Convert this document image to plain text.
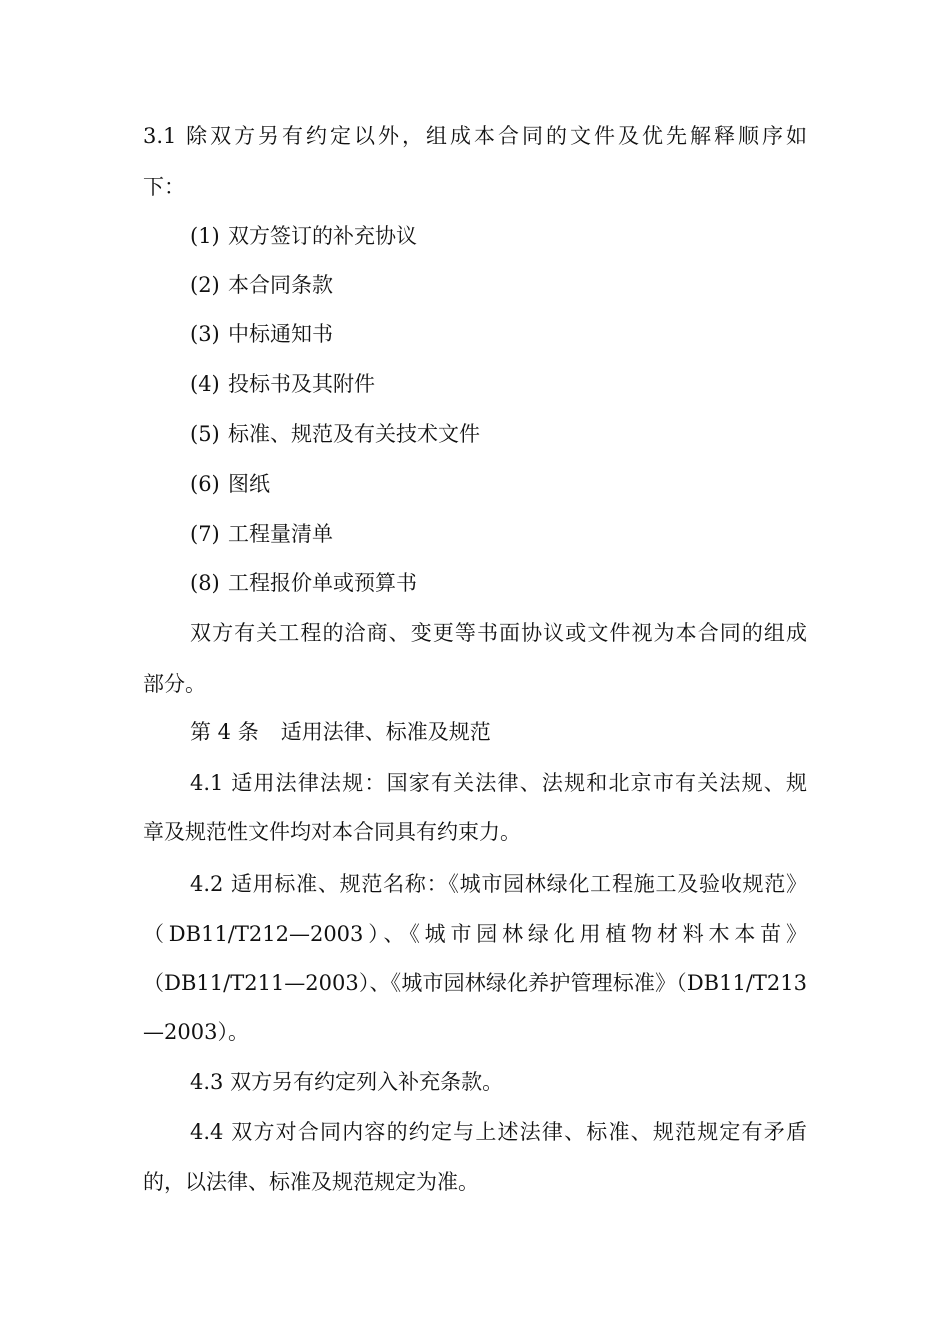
3.1 除双方另有约定以外，组成本合同的文件及优先解释顺序如
下：
(1) 双方签订的补充协议
(2) 本合同条款
(3) 中标通知书
(4) 投标书及其附件
(5) 标准、规范及有关技术文件
(6) 图纸
(7) 工程量清单
(8) 工程报价单或预算书
双方有关工程的洽商、变更等书面协议或文件视为本合同的组成
部分。
第 4 条 适用法律、标准及规范
4.1 适用法律法规：国家有关法律、法规和北京市有关法规、规
章及规范性文件均对本合同具有约束力。
4.2 适用标准、规范名称：《城市园林绿化工程施工及验收规范》
（DB11/T212—2003）、《城市园林绿化用植物材料木本苗》
（DB11/T211—2003）、《城市园林绿化养护管理标准》（DB11/T213
—2003）。
4.3 双方另有约定列入补充条款。
4.4 双方对合同内容的约定与上述法律、标准、规范规定有矛盾
的，以法律、标准及规范规定为准。
